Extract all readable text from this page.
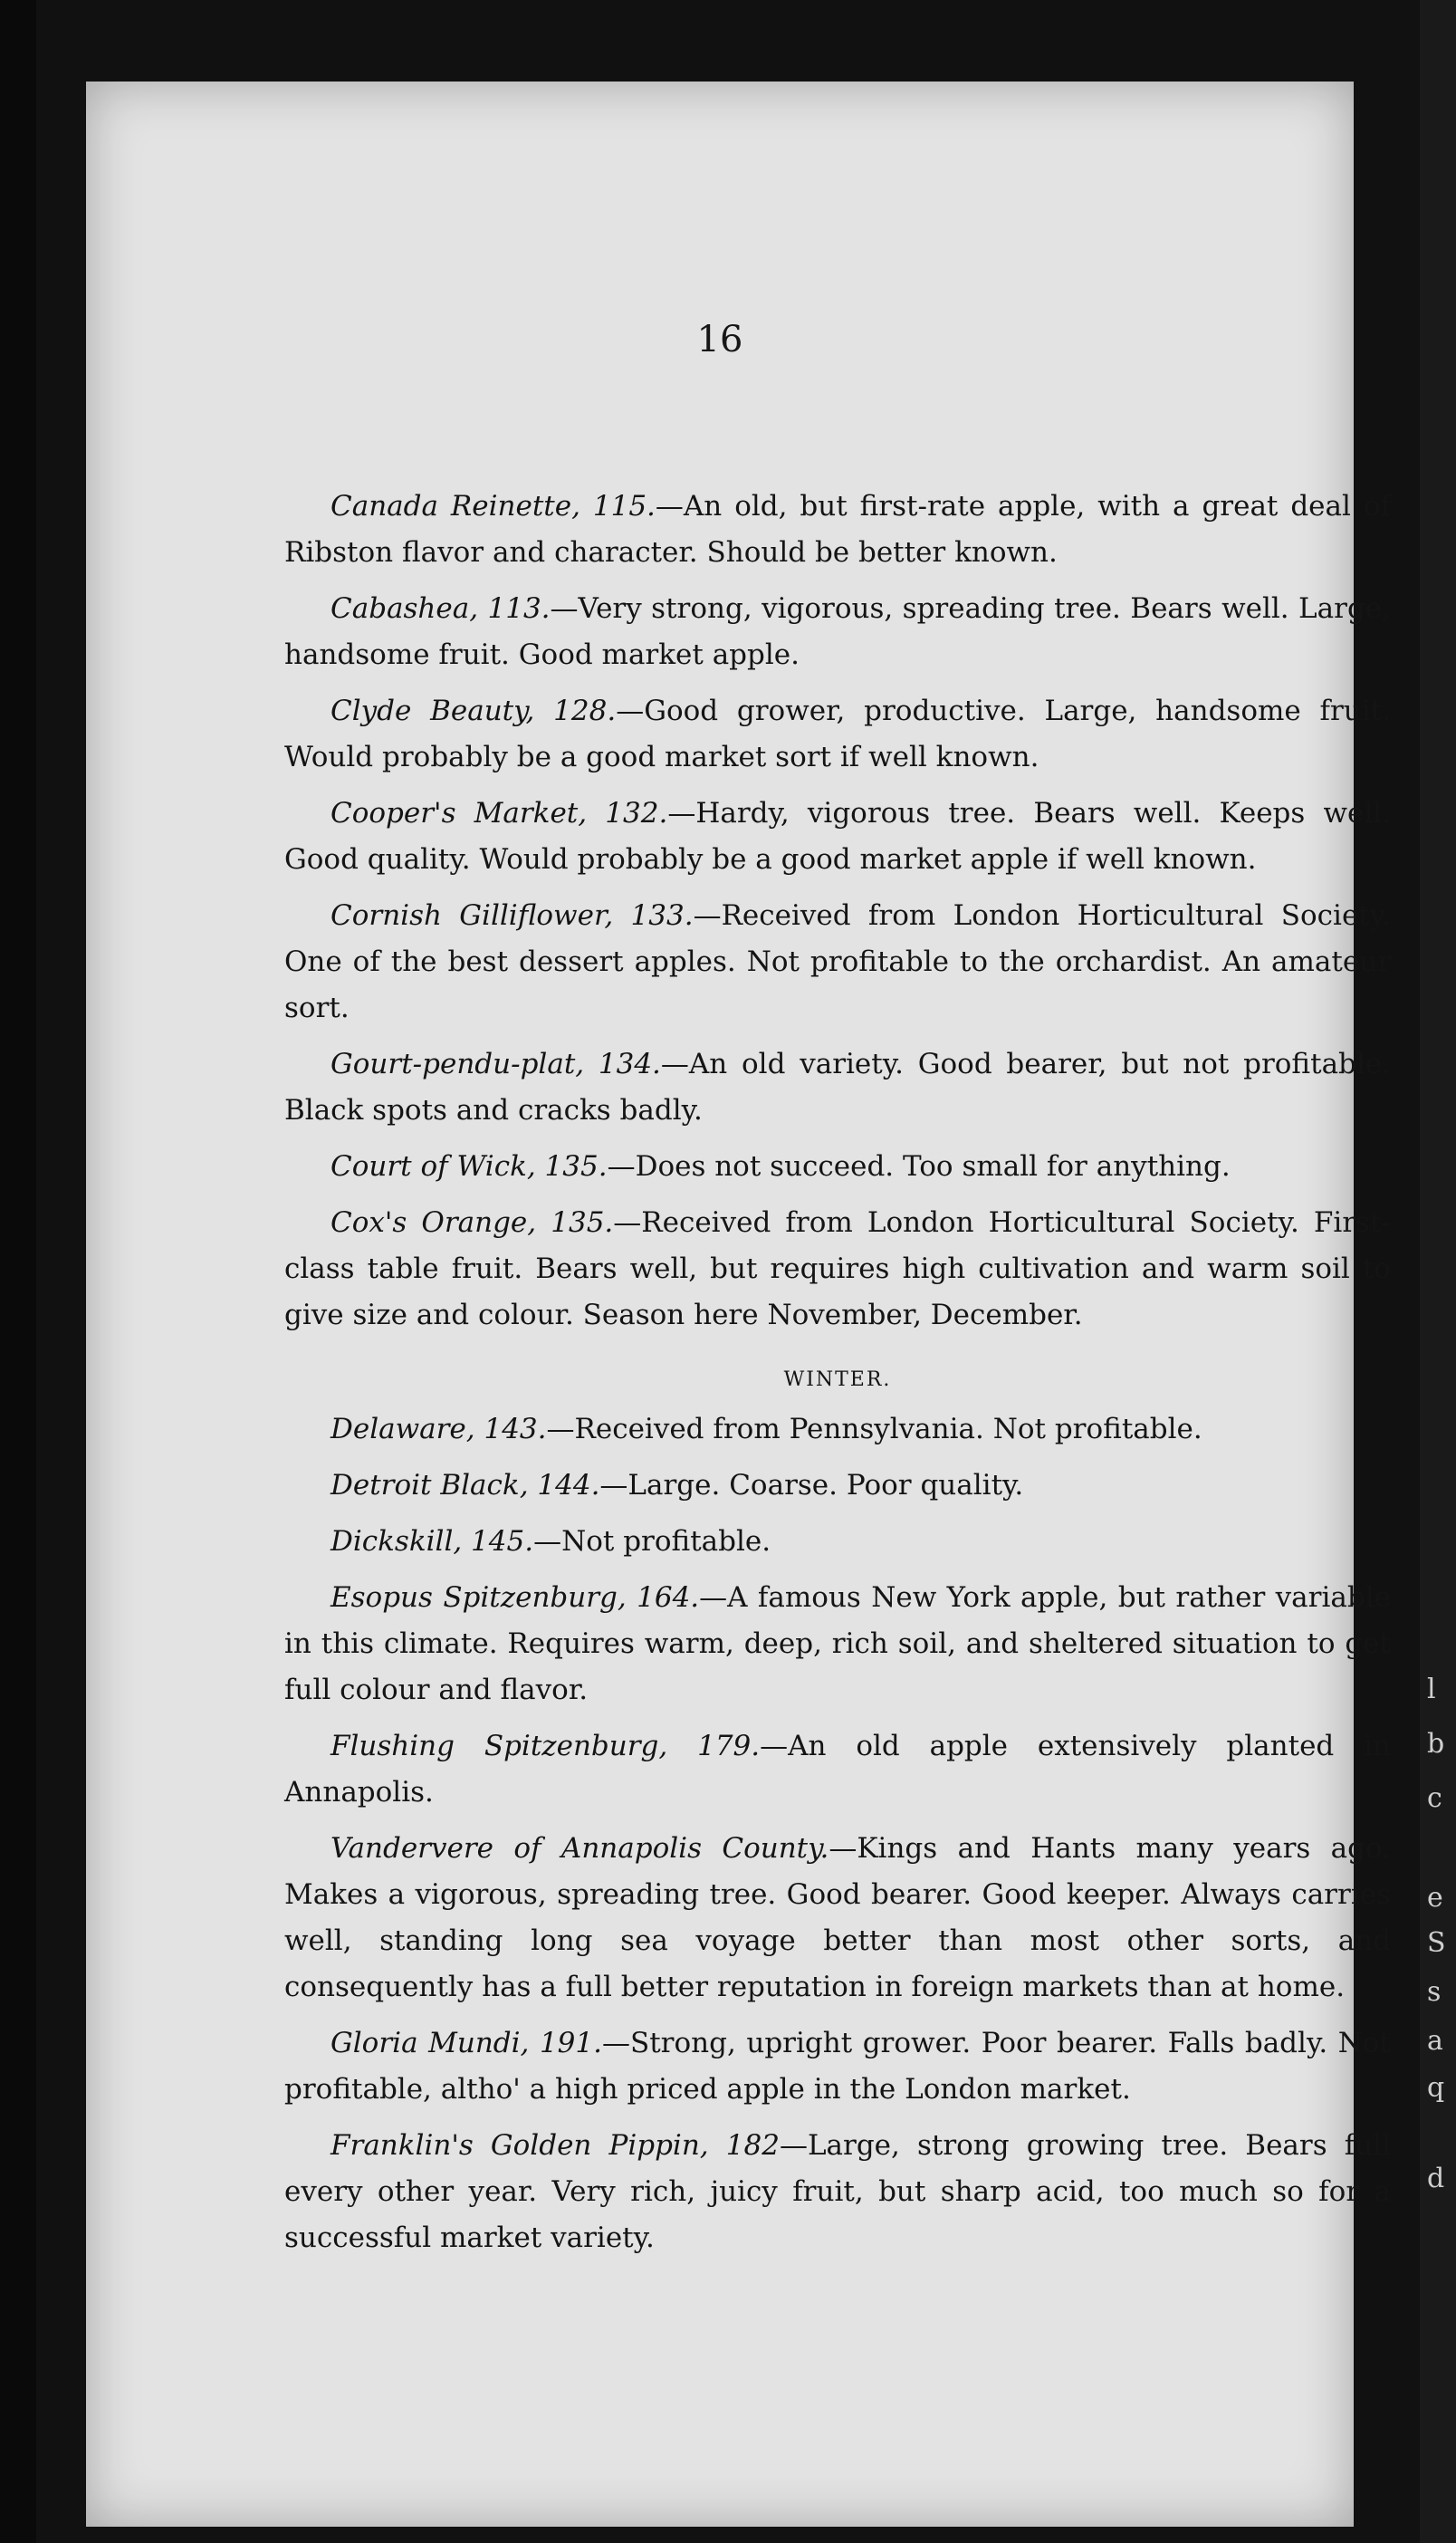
16

Canada Reinette, 115.—An old, but first-rate apple, with a great deal of Ribston flavor and character. Should be better known.

Cabashea, 113.—Very strong, vigorous, spreading tree. Bears well. Large, handsome fruit. Good market apple.

Clyde Beauty, 128.—Good grower, productive. Large, handsome fruit. Would probably be a good market sort if well known.

Cooper's Market, 132.—Hardy, vigorous tree. Bears well. Keeps well. Good quality. Would probably be a good market apple if well known.

Cornish Gilliflower, 133.—Received from London Horticultural Society. One of the best dessert apples. Not profitable to the orchardist. An amateur sort.

Gourt-pendu-plat, 134.—An old variety. Good bearer, but not profitable. Black spots and cracks badly.

Court of Wick, 135.—Does not succeed. Too small for anything.

Cox's Orange, 135.—Received from London Horticultural Society. First-class table fruit. Bears well, but requires high cultivation and warm soil to give size and colour. Season here November, December.

WINTER.

Delaware, 143.—Received from Pennsylvania. Not profitable.

Detroit Black, 144.—Large. Coarse. Poor quality.

Dickskill, 145.—Not profitable.

Esopus Spitzenburg, 164.—A famous New York apple, but rather variable in this climate. Requires warm, deep, rich soil, and sheltered situation to get full colour and flavor.

Flushing Spitzenburg, 179.—An old apple extensively planted in Annapolis.

Vandervere of Annapolis County.—Kings and Hants many years ago. Makes a vigorous, spreading tree. Good bearer. Good keeper. Always carries well, standing long sea voyage better than most other sorts, and consequently has a full better reputation in foreign markets than at home.

Gloria Mundi, 191.—Strong, upright grower. Poor bearer. Falls badly. Not profitable, altho' a high priced apple in the London market.

Franklin's Golden Pippin, 182—Large, strong growing tree. Bears full every other year. Very rich, juicy fruit, but sharp acid, too much so for a successful market variety.

l
b
c
e
S
s
a
q
d
